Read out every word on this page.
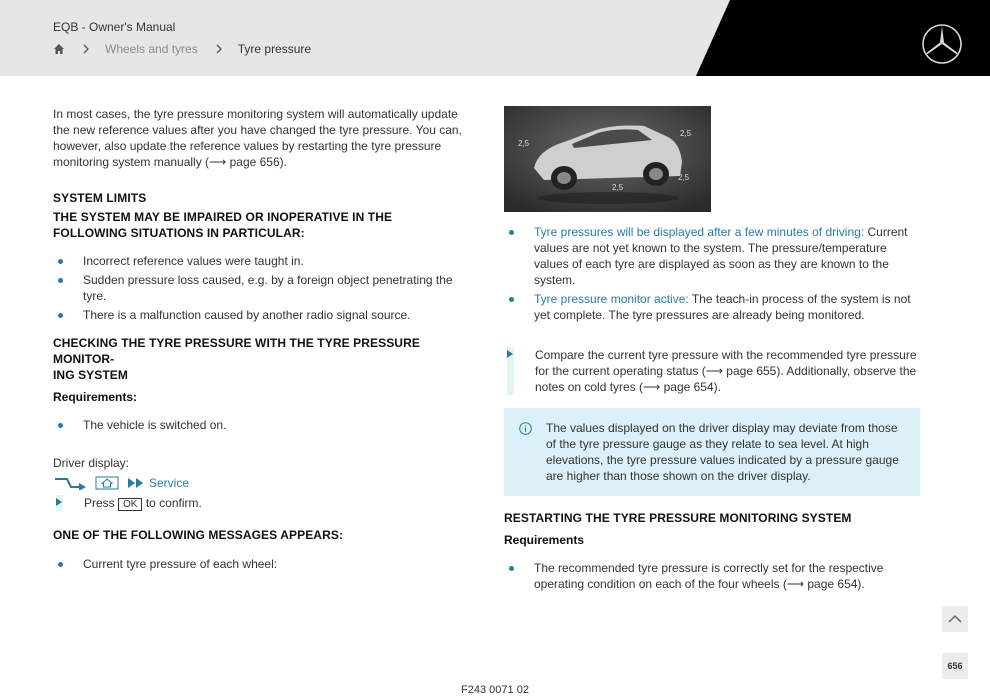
EQB - Owner's Manual
Wheels and tyres	Tyre pressure

In most cases, the tyre pressure monitoring system will automatically update the new reference values after you have changed the tyre pressure. You can, however, also update the reference values by restarting the tyre pressure monitoring system manually (⟶ page 656).

SYSTEM LIMITS
THE SYSTEM MAY BE IMPAIRED OR INOPERATIVE IN THE FOLLOWING SITUATIONS IN PARTICULAR:
Incorrect reference values were taught in.
Sudden pressure loss caused, e.g. by a foreign object penetrating the tyre.
There is a malfunction caused by another radio signal source.
CHECKING THE TYRE PRESSURE WITH THE TYRE PRESSURE MONITOR-
ING SYSTEM
Requirements:
The vehicle is switched on.
Driver display:
Service
Press OK to confirm.
ONE OF THE FOLLOWING MESSAGES APPEARS:
Current tyre pressure of each wheel:
2,5
2,5
2,5
2,5
Tyre pressures will be displayed after a few minutes of driving: Current values are not yet known to the system. The pressure/temperature values of each tyre are displayed as soon as they are known to the system.
Tyre pressure monitor active: The teach-in process of the system is not yet complete. The tyre pressures are already being monitored.
Compare the current tyre pressure with the recommended tyre pressure for the current operating status (⟶ page 655). Additionally, observe the notes on cold tyres (⟶ page 654).
The values displayed on the driver display may deviate from those of the tyre pressure gauge as they relate to sea level. At high elevations, the tyre pressure values indicated by a pressure gauge are higher than those shown on the driver display.
RESTARTING THE TYRE PRESSURE MONITORING SYSTEM
Requirements
The recommended tyre pressure is correctly set for the respective operating condition on each of the four wheels (⟶ page 654).
656
F243 0071 02
